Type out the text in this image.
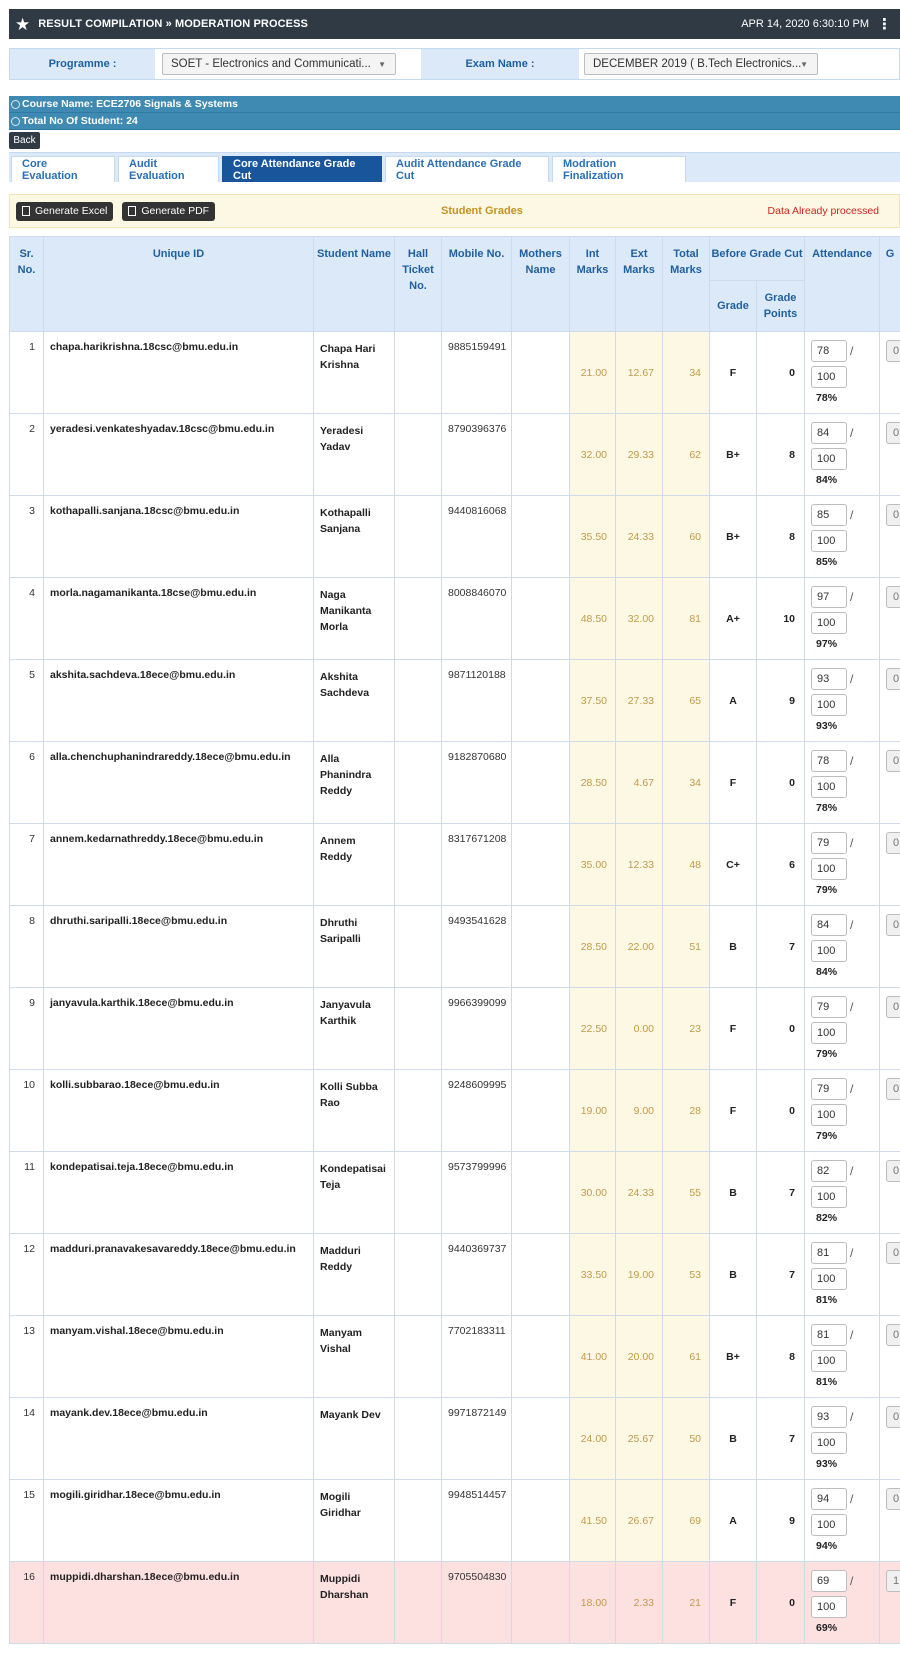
★ RESULT COMPILATION » MODERATION PROCESS	APR 14, 2020 6:30:10 PM ⋮
Programme :	SOET - Electronics and Communicati... ▼	Exam Name :	DECEMBER 2019 ( B.Tech Electronics...
▼
Course Name: ECE2706 Signals & Systems
Total No Of Student: 24
Back
Core Evaluation
Audit Evaluation
Core Attendance Grade Cut
Audit Attendance Grade Cut
Modration Finalization
Generate Excel	Generate PDF	Student Grades	Data Already processed
Sr. No.	Unique ID	Student Name	Hall Ticket No.	Mobile No.	Mothers Name	Int Marks	Ext Marks	Total Marks	Before Grade Cut		Attendance	G
									Grade	Grade Points		
1	chapa.harikrishna.18csc@bmu.edu.in	Chapa Hari Krishna		9885159491		21.00	12.67	34	F	0	78 /
100
78%	0

2	yeradesi.venkateshyadav.18csc@bmu.edu.in	Yeradesi Yadav		8790396376		32.00	29.33	62	B+	8	84 /
100
84%	0

3	kothapalli.sanjana.18csc@bmu.edu.in	Kothapalli Sanjana		9440816068		35.50	24.33	60	B+	8	85 /
100
85%	0

4	morla.nagamanikanta.18cse@bmu.edu.in	Naga Manikanta Morla		8008846070		48.50	32.00	81	A+	10	97 /
100
97%	0

5	akshita.sachdeva.18ece@bmu.edu.in	Akshita Sachdeva		9871120188		37.50	27.33	65	A	9	93 /
100
93%	0

6	alla.chenchuphanindrareddy.18ece@bmu.edu.in	Alla Phanindra Reddy		9182870680		28.50	4.67	34	F	0	78 /
100
78%	0

7	annem.kedarnathreddy.18ece@bmu.edu.in	Annem Reddy		8317671208		35.00	12.33	48	C+	6	79 /
100
79%	0

8	dhruthi.saripalli.18ece@bmu.edu.in	Dhruthi Saripalli		9493541628		28.50	22.00	51	B	7	84 /
100
84%	0

9	janyavula.karthik.18ece@bmu.edu.in	Janyavula Karthik		9966399099		22.50	0.00	23	F	0	79 /
100
79%	0

10	kolli.subbarao.18ece@bmu.edu.in	Kolli Subba Rao		9248609995		19.00	9.00	28	F	0	79 /
100
79%	0

11	kondepatisai.teja.18ece@bmu.edu.in	Kondepatisai Teja		9573799996		30.00	24.33	55	B	7	82 /
100
82%	0

12	madduri.pranavakesavareddy.18ece@bmu.edu.in	Madduri Reddy		9440369737		33.50	19.00	53	B	7	81 /
100
81%	0

13	manyam.vishal.18ece@bmu.edu.in	Manyam Vishal		7702183311		41.00	20.00	61	B+	8	81 /
100
81%	0

14	mayank.dev.18ece@bmu.edu.in	Mayank Dev		9971872149		24.00	25.67	50	B	7	93 /
100
93%	0

15	mogili.giridhar.18ece@bmu.edu.in	Mogili Giridhar		9948514457		41.50	26.67	69	A	9	94 /
100
94%	0

16	muppidi.dharshan.18ece@bmu.edu.in	Muppidi Dharshan		9705504830		18.00	2.33	21	F	0	69 /
100
69%	1
